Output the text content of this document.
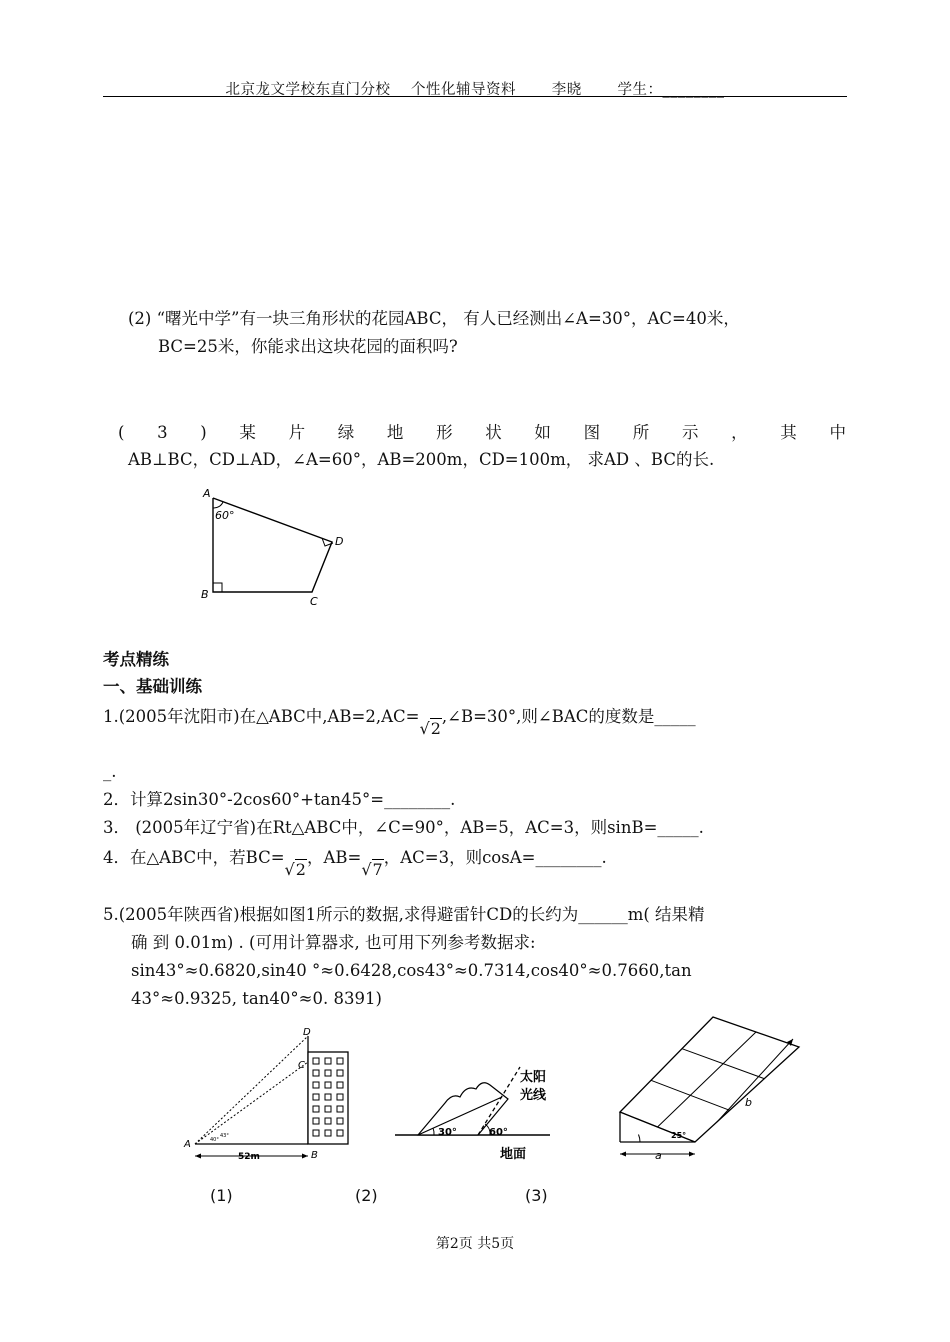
北京龙文学校东直门分校    个性化辅导资料       李晓       学生：________
(2) “曙光中学”有一块三角形状的花园ABC， 有人已经测出∠A=30°，AC=40米，
BC=25米，你能求出这块花园的面积吗?
( 3 ) 某 片 绿 地 形 状 如 图 所 示 ， 其 中
AB⊥BC，CD⊥AD，∠A=60°，AB=200m，CD=100m， 求AD 、BC的长.
A
60°
D
B
C
考点精练
一、基础训练
1.(2005年沈阳市)在△ABC中,AB=2,AC=√2,∠B=30°,则∠BAC的度数是_____
_.
2．计算2sin30°-2cos60°+tan45°=________.
3． (2005年辽宁省)在Rt△ABC中，∠C=90°，AB=5，AC=3，则sinB=_____.
4．在△ABC中，若BC=√2，AB=√7，AC=3，则cosA=________.
5.(2005年陕西省)根据如图1所示的数据,求得避雷针CD的长约为______m( 结果精
确 到 0.01m) . (可用计算器求, 也可用下列参考数据求:
sin43°≈0.6820,sin40 °≈0.6428,cos43°≈0.7314,cos40°≈0.7660,tan
43°≈0.9325, tan40°≈0. 8391)
52m
A
B
C
D
40°
43°	30°	60°
太阳
光线
地面
25°
a
b
(1)	(2)	(3)
第2页 共5页
